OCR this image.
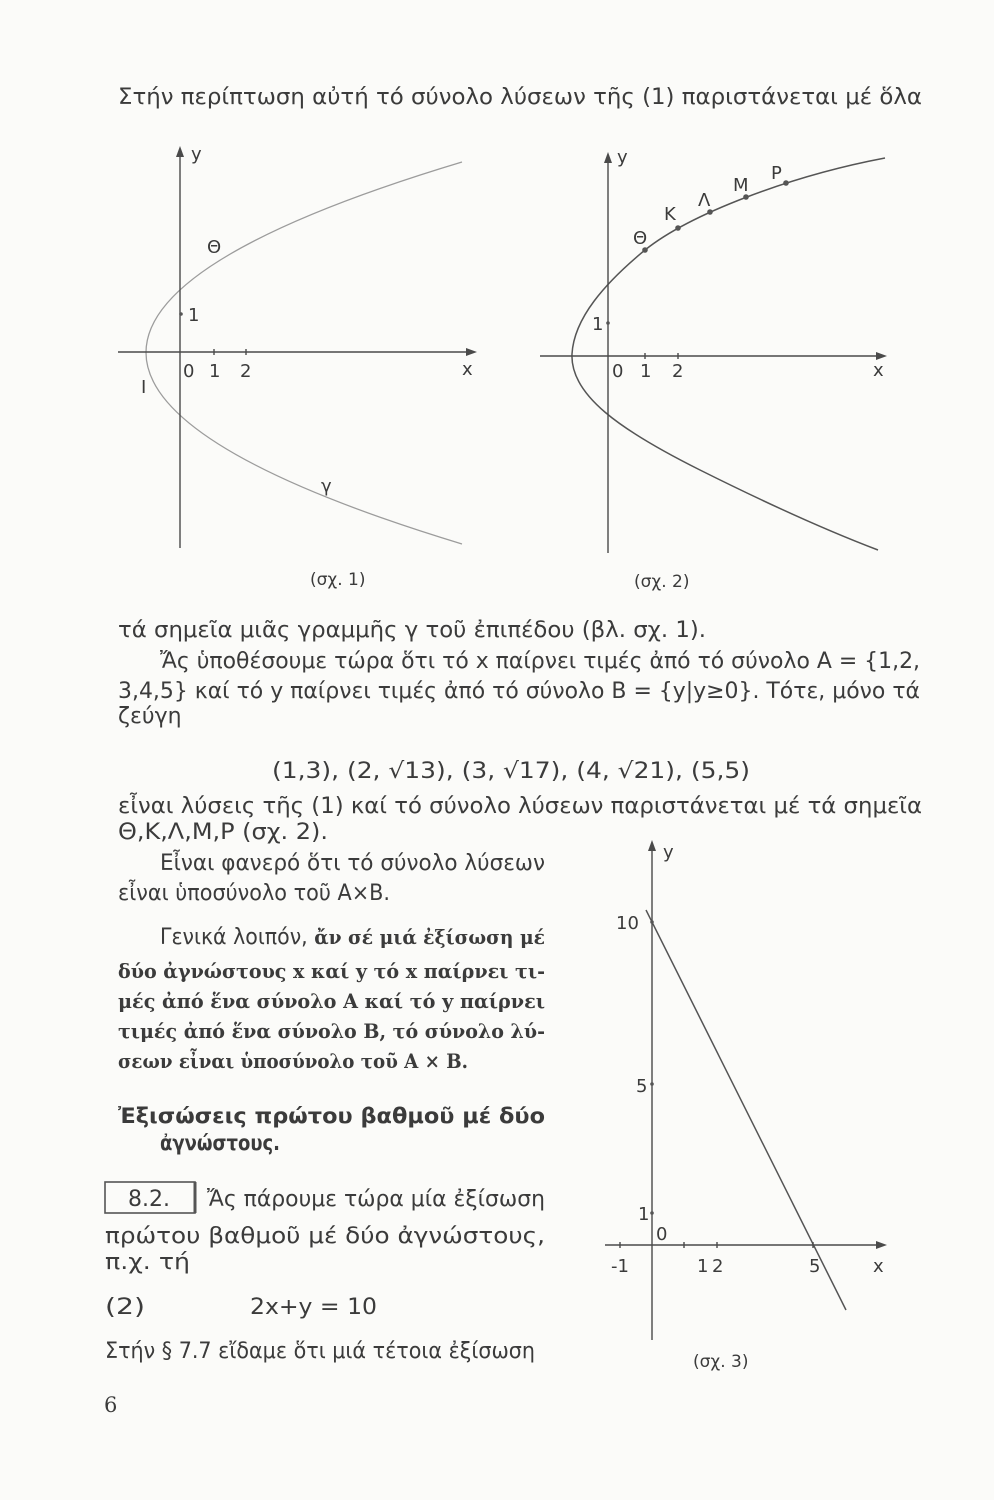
Στήν περίπτωση αὐτή τό σύνολο λύσεων τῆς (1) παριστάνεται μέ ὅλα
y
Θ
1
0 1 2	x
I
γ
(σχ. 1)
y
Θ
K
Λ
M
P
1
0 1 2	x
(σχ. 2)
τά σημεῖα μιᾶς γραμμῆς γ τοῦ ἐπιπέδου (βλ. σχ. 1).
Ἄς ὑποθέσουμε τώρα ὅτι τό x παίρνει τιμές ἀπό τό σύνολο A = {1,2,
3,4,5} καί τό y παίρνει τιμές ἀπό τό σύνολο B = {y|y≥0}. Τότε, μόνο τά
ζεύγη
(1,3), (2, √13), (3, √17), (4, √21), (5,5)
εἶναι λύσεις τῆς (1) καί τό σύνολο λύσεων παριστάνεται μέ τά σημεῖα
Θ,K,Λ,M,P (σχ. 2).
Εἶναι φανερό ὅτι τό σύνολο λύσεων
εἶναι ὑποσύνολο τοῦ A×B.
Γενικά λοιπόν, ἄν σέ μιά ἐξίσωση μέ
δύο ἀγνώστους x καί y τό x παίρνει τι-
μές ἀπό ἕνα σύνολο A καί τό y παίρνει
τιμές ἀπό ἕνα σύνολο B, τό σύνολο λύ-
σεων εἶναι ὑποσύνολο τοῦ A × B.
Ἐξισώσεις πρώτου βαθμοῦ μέ δύο
ἀγνώστους.
8.2. Ἄς πάρουμε τώρα μία ἐξίσωση
πρώτου βαθμοῦ μέ δύο ἀγνώστους,
π.χ. τή
(2)	2x+y = 10
Στήν § 7.7 εἴδαμε ὅτι μιά τέτοια ἐξίσωση
y
10
5
1
0
-1	1 2	5	x
(σχ. 3)
6
